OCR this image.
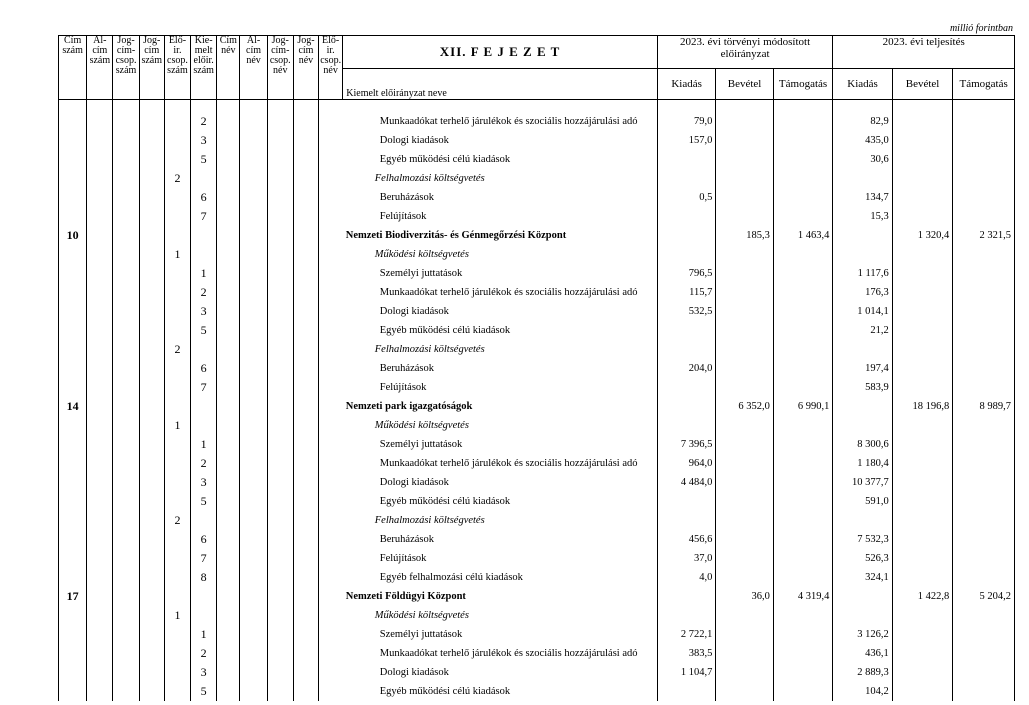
millió forintban
Cím szám	Al-cím szám	Jog-cím-csop. szám	Jog-cím szám	Elő-ir. csop. szám	Kie-melt előir. szám	Cím név	Al-cím név	Jog-cím-csop. név	Jog-cím név	Elő-ir. csop. név	XII. F E J E Z E T	2023. évi törvényi módosított előirányzat			2023. évi teljesítés		
											Kiemelt előirányzat neve	Kiadás	Bevétel	Támogatás	Kiadás	Bevétel	Támogatás

					2						Munkaadókat terhelő járulékok és szociális hozzájárulási adó	79,0			82,9		
					3						Dologi kiadások	157,0			435,0		
					5						Egyéb működési célú kiadások				30,6		
				2							Felhalmozási költségvetés						
					6						Beruházások	0,5			134,7		
					7						Felújítások				15,3		
10											Nemzeti Biodiverzitás- és Génmegőrzési Központ		185,3	1 463,4		1 320,4	2 321,5
				1							Működési költségvetés						
					1						Személyi juttatások	796,5			1 117,6		
					2						Munkaadókat terhelő járulékok és szociális hozzájárulási adó	115,7			176,3		
					3						Dologi kiadások	532,5			1 014,1		
					5						Egyéb működési célú kiadások				21,2		
				2							Felhalmozási költségvetés						
					6						Beruházások	204,0			197,4		
					7						Felújítások				583,9		
14											Nemzeti park igazgatóságok		6 352,0	6 990,1		18 196,8	8 989,7
				1							Működési költségvetés						
					1						Személyi juttatások	7 396,5			8 300,6		
					2						Munkaadókat terhelő járulékok és szociális hozzájárulási adó	964,0			1 180,4		
					3						Dologi kiadások	4 484,0			10 377,7		
					5						Egyéb működési célú kiadások				591,0		
				2							Felhalmozási költségvetés						
					6						Beruházások	456,6			7 532,3		
					7						Felújítások	37,0			526,3		
					8						Egyéb felhalmozási célú kiadások	4,0			324,1		
17											Nemzeti Földügyi Központ		36,0	4 319,4		1 422,8	5 204,2
				1							Működési költségvetés						
					1						Személyi juttatások	2 722,1			3 126,2		
					2						Munkaadókat terhelő járulékok és szociális hozzájárulási adó	383,5			436,1		
					3						Dologi kiadások	1 104,7			2 889,3		
					5						Egyéb működési célú kiadások				104,2		
